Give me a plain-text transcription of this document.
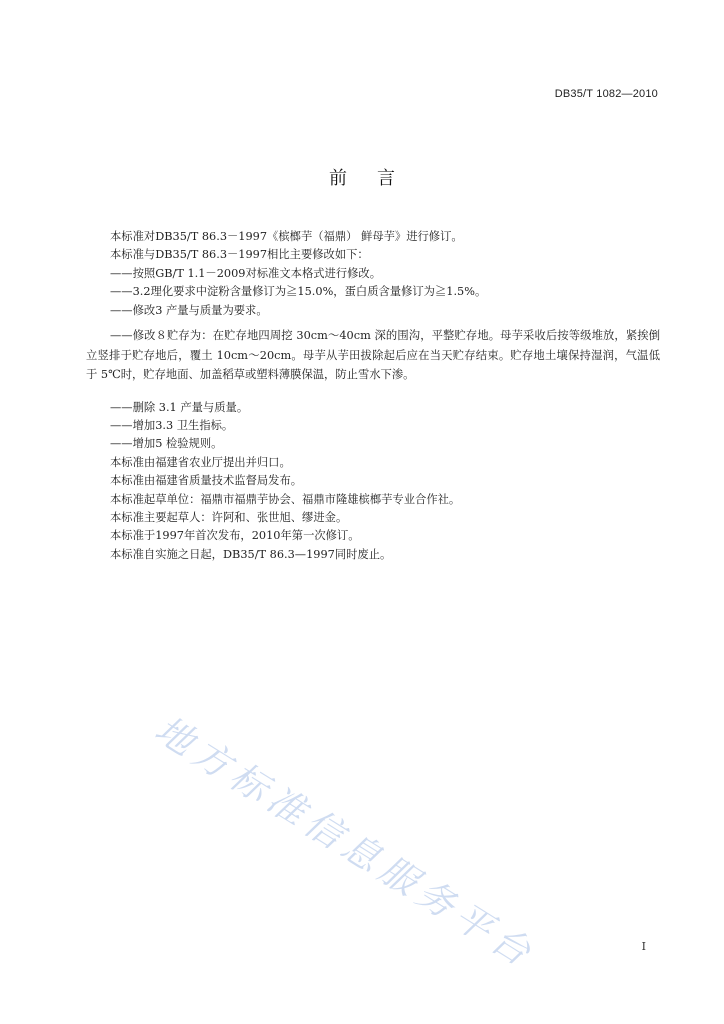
DB35/T 1082—2010
前言
本标准对DB35/T 86.3－1997《槟榔芋（福鼎） 鲜母芋》进行修订。
本标准与DB35/T 86.3－1997相比主要修改如下：
——按照GB/T 1.1－2009对标准文本格式进行修改。
——3.2理化要求中淀粉含量修订为≧15.0%，蛋白质含量修订为≧1.5%。
——修改3 产量与质量为要求。
——修改８贮存为：在贮存地四周挖 30cm～40cm 深的围沟，平整贮存地。母芋采收后按等级堆放，紧挨倒立竖排于贮存地后，覆土 10cm～20cm。母芋从芋田拔除起后应在当天贮存结束。贮存地土壤保持湿润，气温低于 5℃时，贮存地面、加盖稻草或塑料薄膜保温，防止雪水下渗。
——删除 3.1 产量与质量。
——增加3.3 卫生指标。
——增加5 检验规则。
本标准由福建省农业厅提出并归口。
本标准由福建省质量技术监督局发布。
本标准起草单位：福鼎市福鼎芋协会、福鼎市隆雄槟榔芋专业合作社。
本标准主要起草人：许阿和、张世旭、缪进金。
本标准于1997年首次发布，2010年第一次修订。
本标准自实施之日起，DB35/T 86.3—1997同时废止。
地方标准信息服务平台	I
